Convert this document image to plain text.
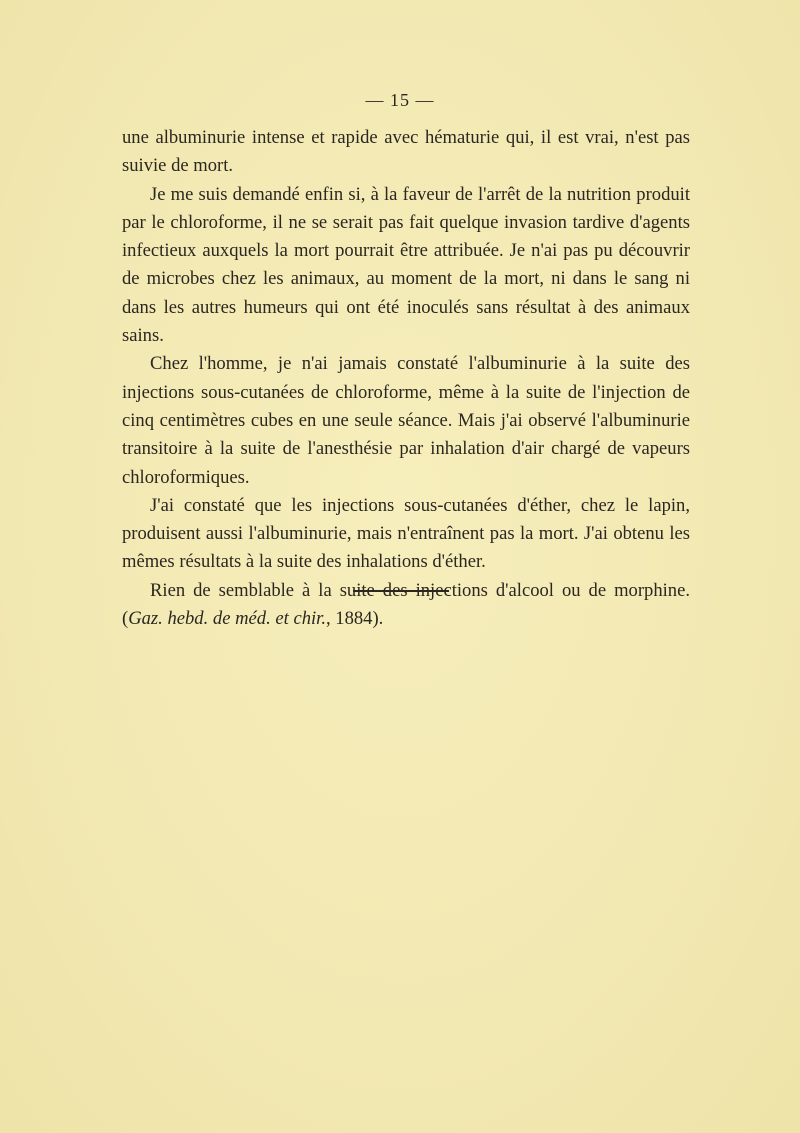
— 15 —

une albuminurie intense et rapide avec hématurie qui, il est vrai, n'est pas suivie de mort.

Je me suis demandé enfin si, à la faveur de l'arrêt de la nutrition produit par le chloroforme, il ne se serait pas fait quelque invasion tardive d'agents infectieux auxquels la mort pourrait être attribuée. Je n'ai pas pu découvrir de microbes chez les animaux, au moment de la mort, ni dans le sang ni dans les autres humeurs qui ont été inoculés sans résultat à des animaux sains.

Chez l'homme, je n'ai jamais constaté l'albuminurie à la suite des injections sous-cutanées de chloroforme, même à la suite de l'injection de cinq centimètres cubes en une seule séance. Mais j'ai observé l'albuminurie transitoire à la suite de l'anesthésie par inhalation d'air chargé de vapeurs chloroformiques.

J'ai constaté que les injections sous-cutanées d'éther, chez le lapin, produisent aussi l'albuminurie, mais n'entraînent pas la mort. J'ai obtenu les mêmes résultats à la suite des inhalations d'éther.

Rien de semblable à la suite des injections d'alcool ou de morphine. (Gaz. hebd. de méd. et chir., 1884).
